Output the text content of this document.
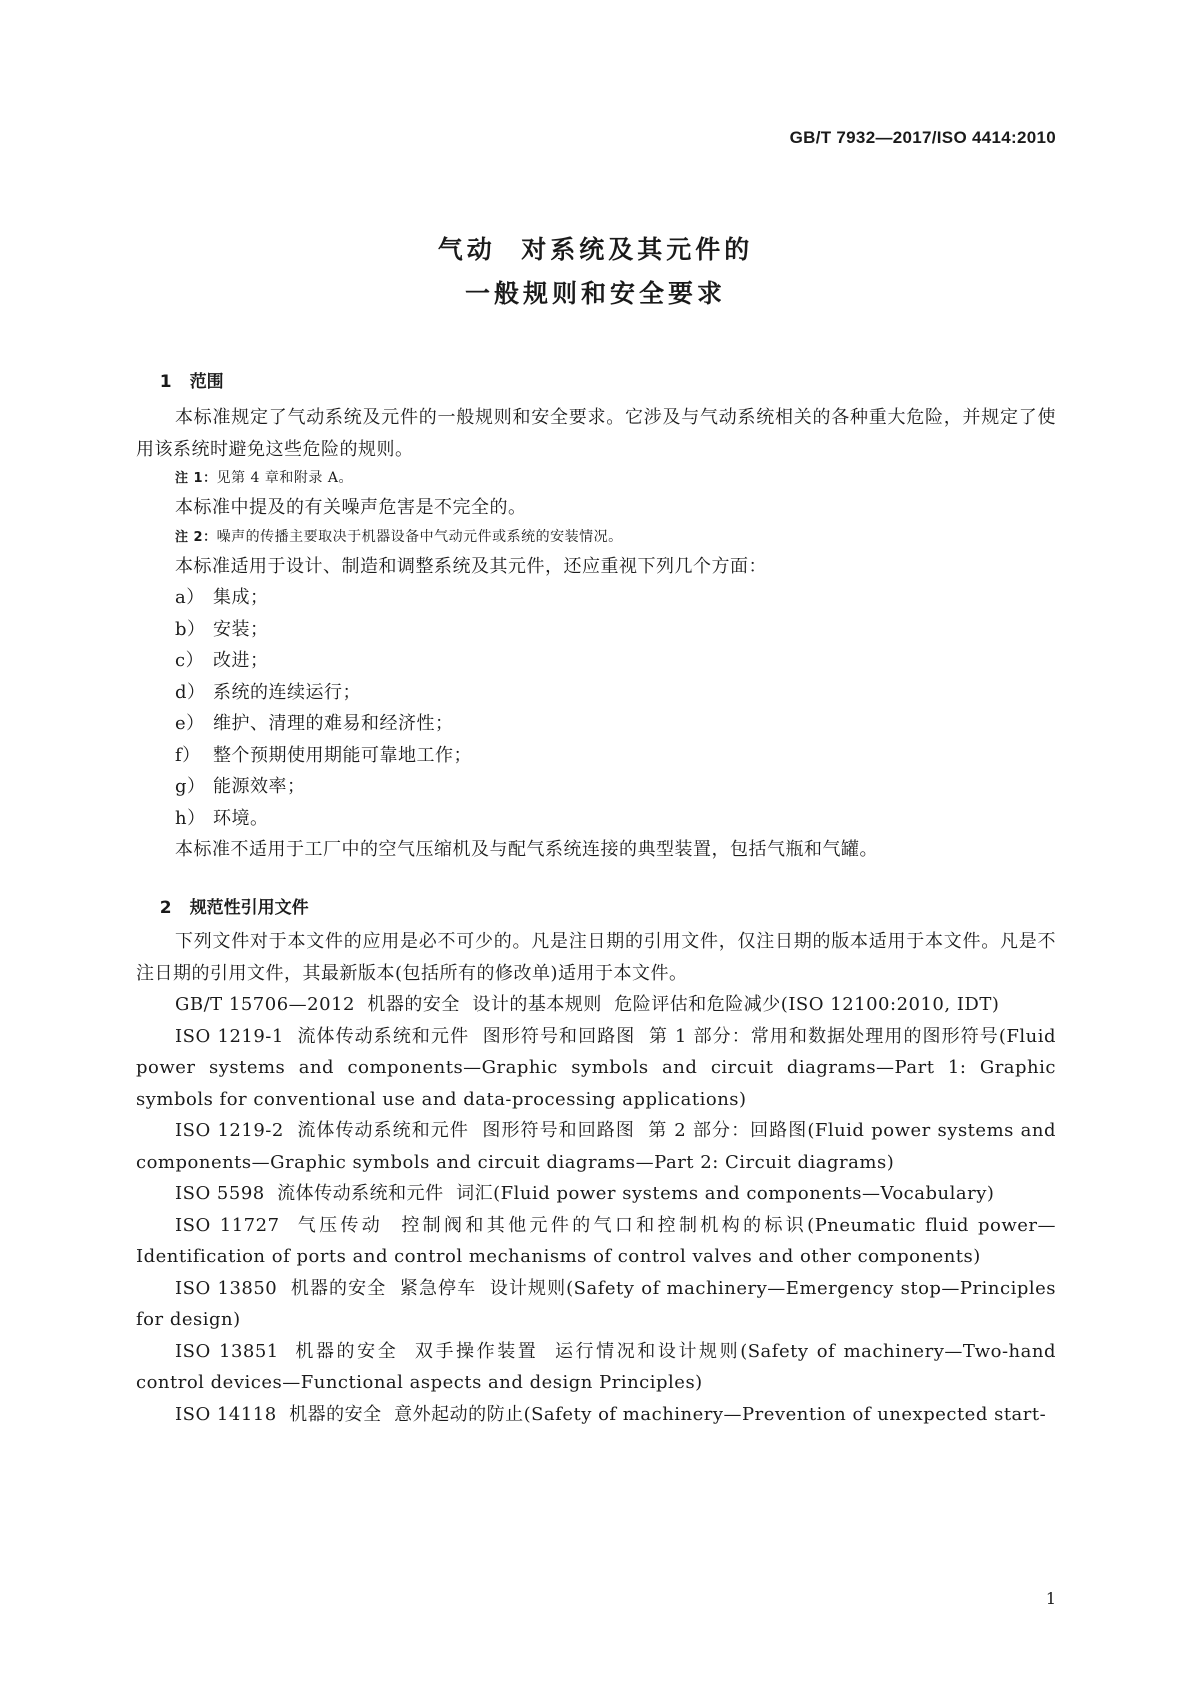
GB/T 7932—2017/ISO 4414:2010
气动  对系统及其元件的
一般规则和安全要求

1 范围

本标准规定了气动系统及元件的一般规则和安全要求。它涉及与气动系统相关的各种重大危险，并规定了使用该系统时避免这些危险的规则。

注 1：见第 4 章和附录 A。

本标准中提及的有关噪声危害是不完全的。

注 2：噪声的传播主要取决于机器设备中气动元件或系统的安装情况。

本标准适用于设计、制造和调整系统及其元件，还应重视下列几个方面：

a） 集成；

b） 安装；

c） 改进；

d） 系统的连续运行；

e） 维护、清理的难易和经济性；

f） 整个预期使用期能可靠地工作；

g） 能源效率；

h） 环境。

本标准不适用于工厂中的空气压缩机及与配气系统连接的典型装置，包括气瓶和气罐。

2 规范性引用文件

下列文件对于本文件的应用是必不可少的。凡是注日期的引用文件，仅注日期的版本适用于本文件。凡是不注日期的引用文件，其最新版本(包括所有的修改单)适用于本文件。

GB/T 15706—2012  机器的安全  设计的基本规则  危险评估和危险减少(ISO 12100:2010, IDT)

ISO 1219-1  流体传动系统和元件  图形符号和回路图  第 1 部分：常用和数据处理用的图形符号(Fluid power systems and components—Graphic symbols and circuit diagrams—Part 1: Graphic symbols for conventional use and data-processing applications)

ISO 1219-2  流体传动系统和元件  图形符号和回路图  第 2 部分：回路图(Fluid power systems and components—Graphic symbols and circuit diagrams—Part 2: Circuit diagrams)

ISO 5598  流体传动系统和元件  词汇(Fluid power systems and components—Vocabulary)

ISO 11727  气压传动  控制阀和其他元件的气口和控制机构的标识(Pneumatic fluid power—Identification of ports and control mechanisms of control valves and other components)

ISO 13850  机器的安全  紧急停车  设计规则(Safety of machinery—Emergency stop—Principles for design)

ISO 13851  机器的安全  双手操作装置  运行情况和设计规则(Safety of machinery—Two-hand control devices—Functional aspects and design Principles)

ISO 14118  机器的安全  意外起动的防止(Safety of machinery—Prevention of unexpected start-

1
